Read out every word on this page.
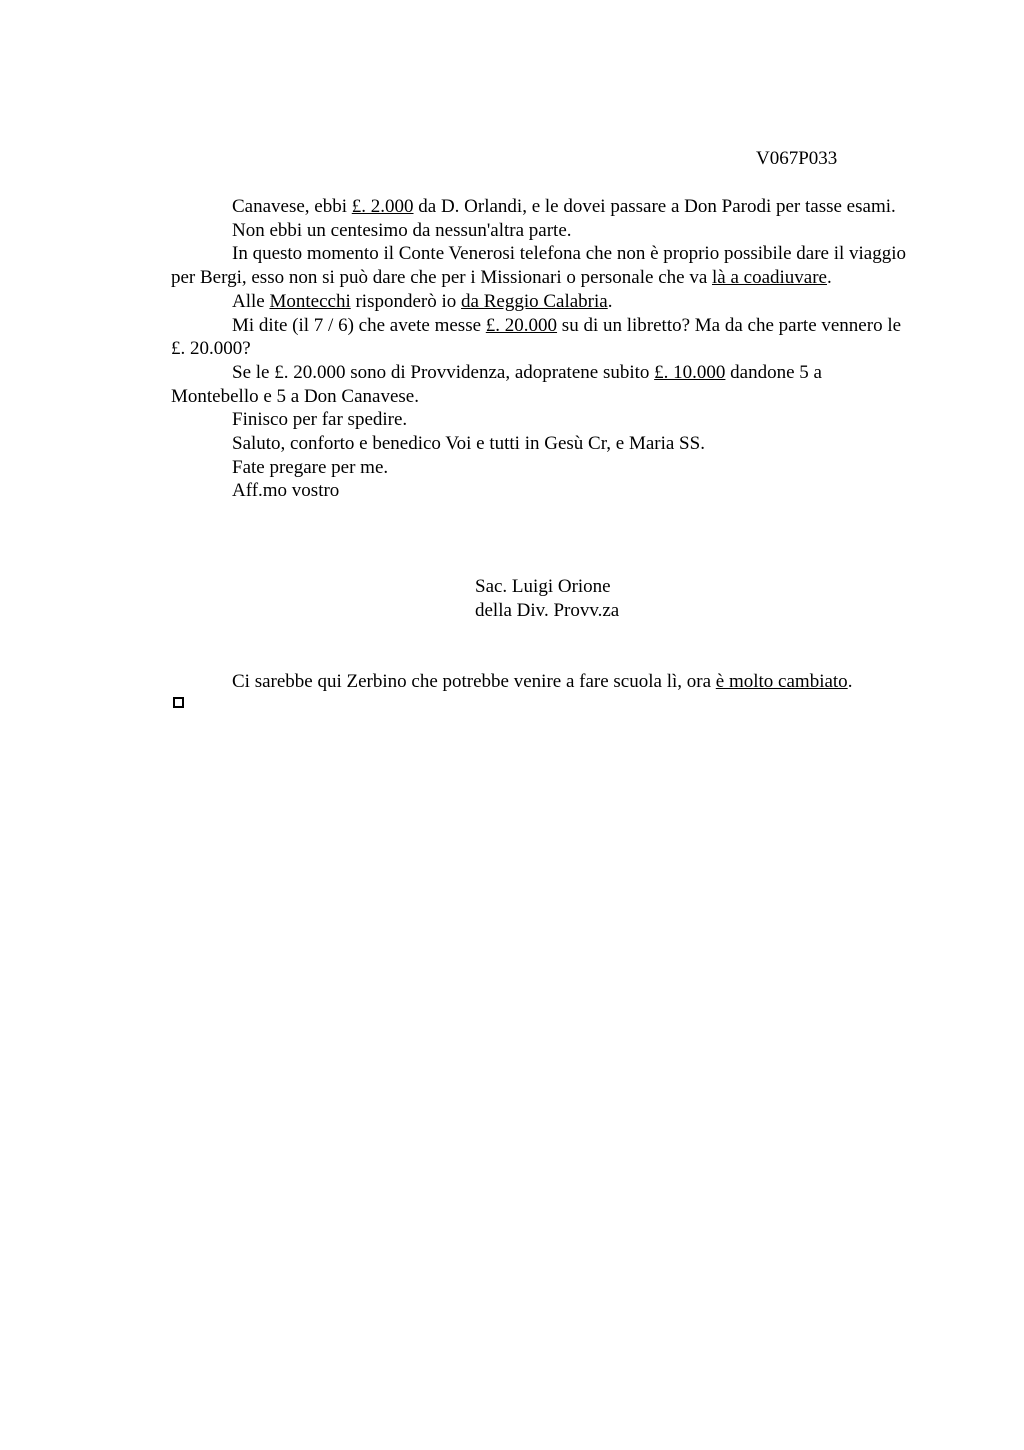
V067P033

Canavese, ebbi £. 2.000 da D. Orlandi, e le dovei passare a Don Parodi per tasse esami.

Non ebbi un centesimo da nessun'altra parte.

In questo momento il Conte Venerosi telefona che non è proprio possibile dare il viaggio per Bergi, esso non si può dare che per i Missionari o personale che va là a coadiuvare.

Alle Montecchi risponderò io da Reggio Calabria.

Mi dite (il 7 / 6) che avete messe £. 20.000 su di un libretto? Ma da che parte vennero le £. 20.000?

Se le £. 20.000 sono di Provvidenza, adopratene subito £. 10.000 dandone 5 a Montebello e 5 a Don Canavese.

Finisco per far spedire.

Saluto, conforto e benedico Voi e tutti in Gesù Cr, e Maria SS.

Fate pregare per me.

Aff.mo vostro

Sac. Luigi Orione
della Div. Provv.za

Ci sarebbe qui Zerbino che potrebbe venire a fare scuola lì, ora è molto cambiato.
